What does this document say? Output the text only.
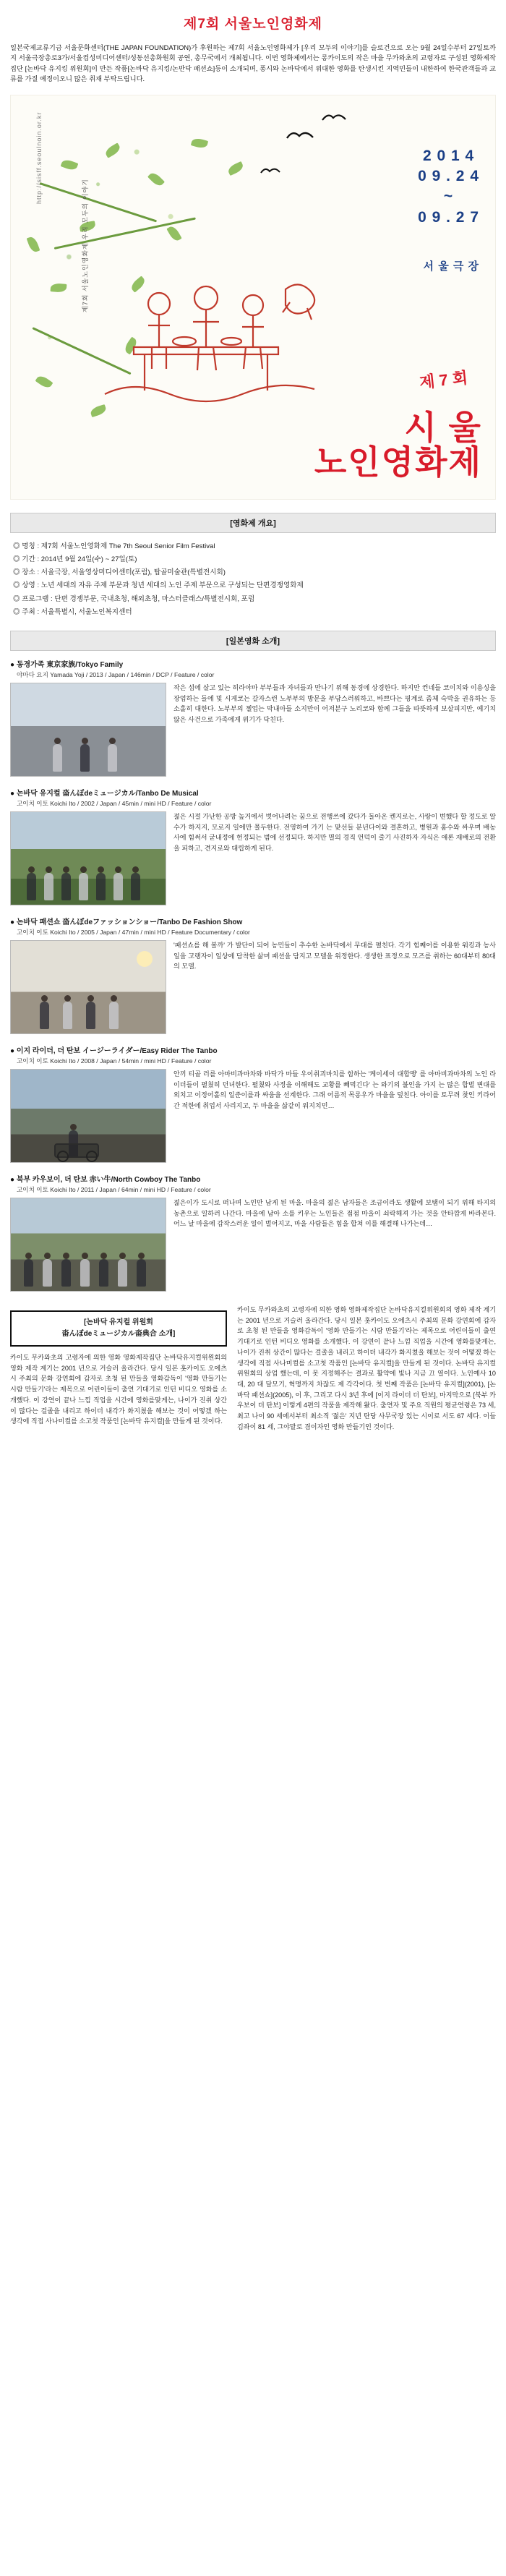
제7회 서울노인영화제
일본국제교류기금 서울문화센터(THE JAPAN FOUNDATION)가 후원하는 제7회 서울노인영화제가 [우리 모두의 이야기]를 슬로건으로 오는 9월 24일수부터 27일토까지 서울극장총로3가/서울컴성미디어센터/성동선총화원회 공연, 총무국에서 개최됩니다. 이번 영화제에서는 롱카이도의 작은 마을 무카와초의 교령자로 구성된 영화제작집단 [논바닥 유지킹 위원회]이 만든 작품[논바닥 유지킹/논반닥 패션쇼]등이 소개되며, 퐁시와 논바닥에서 위대한 영화를 탄생시킨 지역민들이 내한하여 한국관객들과 교류를 가질 예정이오니 많은 취재 부탁드립니다.
http://sisff.seoulnoin.or.kr
제7회 서울노인영화제 우리 모두의 이야기
2 0 1 4
0 9 . 2 4
~
0 9 . 2 7
서 울 극 장
제 7 회
시 울
노인영화제
[영화제 개요]
◎ 명칭 : 제7회 서울노인영화제 The 7th Seoul Senior Film Festival
◎ 기간 : 2014년 9월 24일(수) ~ 27일(토)
◎ 장소 : 서울극장, 서울영상미디어센터(포럼), 탑골미술관(특별전시회)
◎ 상영 : 노년 세대의 자유 주제 부문과 청년 세대의 노인 주제 부문으로 구성되는 단편경쟁영화제
◎ 프로그램 : 단편 경쟁부문, 국내초청, 해외초청, 마스터클래스/특별전시회, 포럼
◎ 주최 : 서울특별시, 서울노인복지센터
[일본영화 소개]
● 동경가족 東京家族/Tokyo Family
야마다 요지 Yamada Yoji / 2013 / Japan / 146min / DCP / Feature / color
작은 섬에 살고 있는 히라야마 부부들과 자녀들과 만나기 위해 동경에 상경한다. 하지만 컨네들 코이치와 이용싱을 장엄하는 들에 및 시게코는 갈자스런 노부부의 방문을 부담스러워하고, 바쁘다는 핑계로 좀체 숙박을 권유하는 등 소홀히 대한다. 노부부의 첼업는 막내아들 소지만이 어저분구 노리코와 함께 그들을 따뜻하게 보살피지만, 예기치 않은 사건으로 가족에게 위기가 닥친다.
● 논바닥 유지컬 畓んぼdeミュージカル/Tanbo De Musical
고이치 이토 Koichi Ito / 2002 / Japan / 45min / mini HD / Feature / color
젊은 시절 가난한 공방 높거에서 벗어나려는 꿈으로 전행쓰에 갔다가 돌아온 켄지로는, 사랑이 변했다 할 정도로 알수가 하지지, 모로지 일에만 몰두한다. 전영하여 가기 는 맞선들 분년다이와 결혼하고, 병원과 홈수와 싸우며 배농사에 힘써서 굳내정에 헌정되는 범에 선정되다. 하지만 멸의 경직 언덕이 줄기 사진하자 자식은 애론 재배로의 전환을 피하고, 견지로와 대립하게 된다.
● 논바닥 패션쇼 畓んぼdeファッションショー/Tanbo De Fashion Show
고이치 이토 Koichi Ito / 2005 / Japan / 47min / mini HD / Feature Documentary / color
'패션쇼를 해 볼까' 가 발단이 되어 농민들이 추수한 논바닥에서 무대를 펼친다. 각기 힘째어를 이용한 워킹과 농사일을 고랭자이 일상에 담착한 삶머 패션을 담지고 모델을 위정한다. 생생한 표정으로 모즈를 취하는 60대부터 80대의 모델.
● 이지 라이더, 더 탄보 イージーライダー/Easy Rider The Tanbo
고이치 이토 Koichi Ito / 2008 / Japan / 54min / mini HD / Feature / color
안끼 티골 러를 아마비과마차와 바닥가 마들 우이취괴마치를 힘하는 '케이세이 대합맹' 를 아마비과마차의 노인 라이더들이 펼쳤히 던녀한다. 펼쳤와 사정을 이해해도 교황를 빼먹긴다' 는 와기의 불인을 가지 는 많은 합벌 변대를 외치고 이정어홀의 일준이를과 싸움을 선계한다. 그래 어름적 목롱우가 마을을 덮친다. 아이를 토무려 찾인 키라어간 적한에 취업서 사리지고, 두 마을을 삶같이 워지치민…
● 북부 카우보이, 더 탄보 赤い牛/North Cowboy The Tanbo
고이치 이토 Koichi Ito / 2011 / Japan / 64min / mini HD / Feature / color
젊은이가 도시로 떠나며 노인만 남게 된 마을. 마을의 젊은 남자들은 조금이라도 생활에 보탬이 되기 위해 타지의 농촌으로 일하러 나간다. 마을에 남아 소를 키우는 노인들은 점점 마을이 쇠락해져 가는 것을 안타깝게 바라본다. 어느 날 마을에 갑작스러운 일이 벌어지고, 마을 사람들은 힘을 합쳐 이를 해결해 나가는데…
[논바닥 유지컬 위원회
畓んぼdeミュージカル畓典合 소개]
카이도 무카와초의 고령자에 의한 영화 영화제작집단 논바닥유지컬위원회의 영화 제작 계기는 2001 년으로 거슬러 올라간다. 당시 일본 홋카이도 오에츠시 주최의 문화 강연회에 갑자로 초청 된 만들을 영화감독이 '영화 만들기는 시람 만들기'라는 제목으로 어린이들이 출연 기대기로 인턴 비디오 영화를 소개했다. 이 강연이 끝나 느낌 직업을 시간에 영화를맞게는, 나이가 진취 상간이 많다는 걸졸을 내리고 하이더 내각가 화지쳤을 해보는 것이 어떻겠 하는 생각에 직접 사나미컬를 소고첫 작품인 [논바닥 유지컬]을 만들게 된 것이다.
카이도 무카와초의 고령자에 의한 영화 영화제작집단 논바닥유지컬위원회의 영화 제작 계기는 2001 년으로 거슬러 올라간다. 당시 일본 홋카이도 오에츠시 주최의 문화 강연회에 갑자로 초청 된 만들을 영화감독이 '영화 만들기는 시람 만들기'라는 제목으로 어린이들이 출연 기대기로 인턴 비디오 영화를 소개했다. 이 강연이 끝나 느낌 직업을 시간에 영화를맞게는, 나이가 진취 상간이 많다는 걸졸을 내리고 하이더 내각가 화지쳤을 해보는 것이 어떻겠 하는 생각에 직접 사나미컬를 소고첫 작품인 [논바닥 유지컬]을 만들게 된 것이다. 논바닥 유지컬 위원회의 상업 했는데, 이 못 지정해주는 결과로 활약에 빛나 지금 끄 열이다. 노인예사 10 대, 20 대 달모기, 혁명까지 차잖도 제 각각이다. 첫 번째 작품은 [논바닥 유지컬](2001), [논바닥 패션쇼](2005), 이 후, 그리고 다시 3년 후에 [이지 라이더 더 탄보], 마지막으로 [북부 카우보이 더 탄보] 이렇게 4편의 작품을 제작해 왔다. 출연자 및 주요 직원의 평균연령은 73 세, 최고 나이 90 세에서부터 최소직 '젊은' 지년 탄당 사무국장 있는 시이로 서도 67 세다. 이들 김좌이 81 세, 그야말로 겸이자인 영화 만들기인 것이다.
